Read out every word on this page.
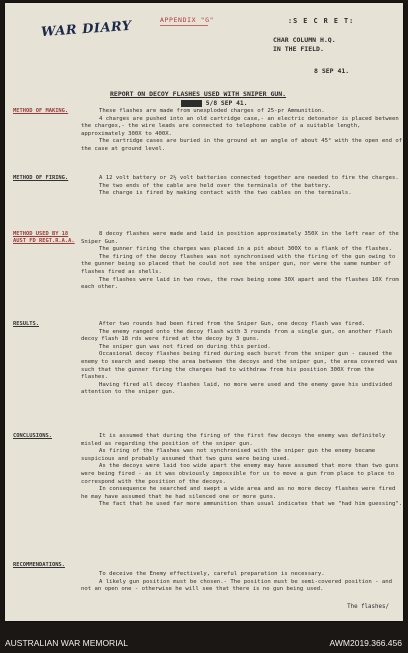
WAR DIARY	APPENDIX "G"	:S E C R E T:
CHAR COLUMN H.Q.
IN THE FIELD.
8 SEP 41.
REPORT ON DECOY FLASHES USED WITH SNIPER GUN.
XXXXX 5/8 SEP 41.
METHOD OF MAKING.	These flashes are made from unexploded charges of 25-pr Ammunition.

4 charges are pushed into an old cartridge case,- an electric detonator is placed between the charges,- the wire leads are connected to telephone cable of a suitable length, approximately 300X to 400X.

The cartridge cases are buried in the ground at an angle of about 45° with the open end of the case at ground level.

METHOD OF FIRING.	A 12 volt battery or 2½ volt batteries connected together are needed to fire the charges.

The two ends of the cable are held over the terminals of the battery.

The charge is fired by making contact with the two cables on the terminals.

METHOD USED BY 18 AUST FD REGT.R.A.A.

8 decoy flashes were made and laid in position approximately 350X in the left rear of the Sniper Gun.

The gunner firing the charges was placed in a pit about 300X to a flank of the flashes.

The firing of the decoy flashes was not synchronised with the firing of the gun owing to the gunner being so placed that he could not see the sniper gun, nor were the same number of flashes fired as shells.

The flashes were laid in two rows, the rows being some 30X apart and the flashes 10X from each other.

RESULTS.	After two rounds had been fired from the Sniper Gun, one decoy flash was fired.

The enemy ranged onto the decoy flash with 3 rounds from a single gun, on another flash decoy flash 18 rds were fired at the decoy by 3 guns.

The sniper gun was not fired on during this period.

Occasional decoy flashes being fired during each burst from the sniper gun - caused the enemy to search and sweep the area between the decoys and the sniper gun, the area covered was such that the gunner firing the charges had to withdraw from his position 300X from the flashes.

Having fired all decoy flashes laid, no more were used and the enemy gave his undivided attention to the sniper gun.

CONCLUSIONS.	It is assumed that during the firing of the first few decoys the enemy was definitely misled as regarding the position of the sniper gun.

As firing of the flashes was not synchronised with the sniper gun the enemy became suspicious and probably assumed that two guns were being used.

As the decoys were laid too wide apart the enemy may have assumed that more than two guns were being fired - as it was obviously impossible for us to move a gun from place to place to correspond with the position of the decoys.

In consequence he searched and swept a wide area and as no more decoy flashes were fired he may have assumed that he had silenced one or more guns.

The fact that he used far more ammunition than usual indicates that we "had him guessing".

RECOMMENDATIONS.

To deceive the Enemy effectively, careful preparation is necessary.

A likely gun position must be chosen.- The position must be semi-covered position - and not an open one - otherwise he will see that there is no gun being used.

The flashes/
AUSTRALIAN WAR MEMORIAL	AWM2019.366.456
